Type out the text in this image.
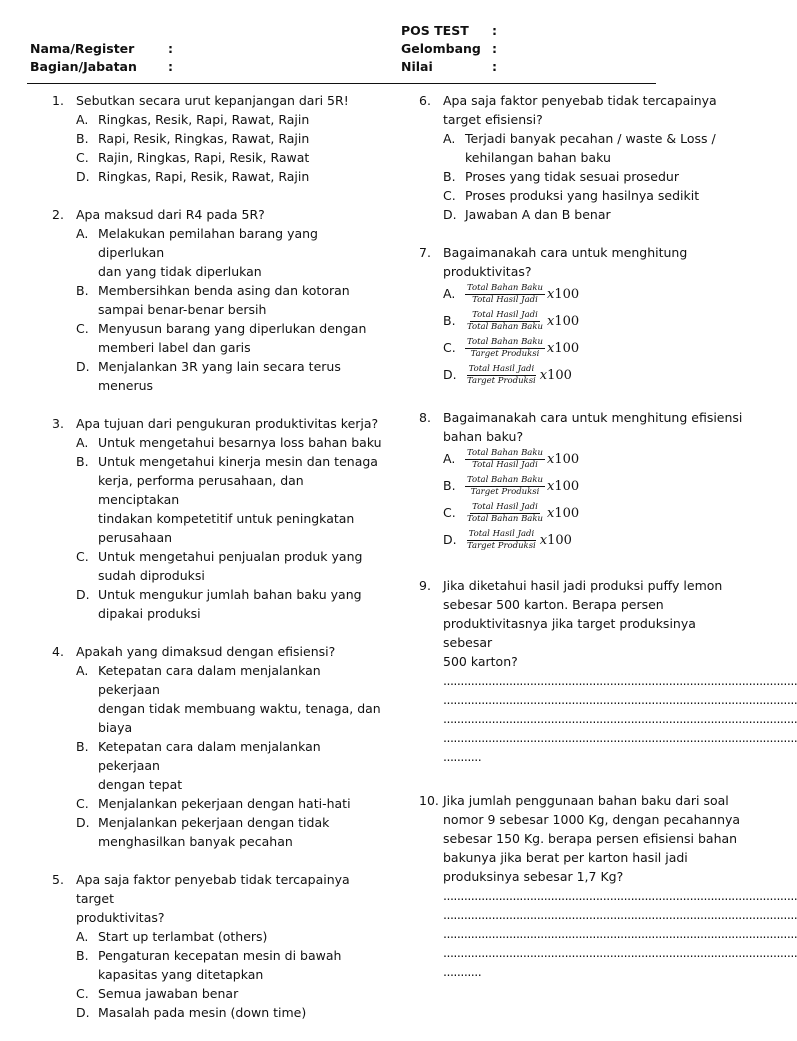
Nama/Register	:
Bagian/Jabatan :
POS TEST :
Gelombang :
Nilai	:
1. Sebutkan secara urut kepanjangan dari 5R!
A. Ringkas, Resik, Rapi, Rawat, Rajin
B. Rapi, Resik, Ringkas, Rawat, Rajin
C. Rajin, Ringkas, Rapi, Resik, Rawat
D. Ringkas, Rapi, Resik, Rawat, Rajin
2. Apa maksud dari R4 pada 5R?
A. Melakukan pemilahan barang yang diperlukan
dan yang tidak diperlukan
B. Membersihkan benda asing dan kotoran
sampai benar-benar bersih
C. Menyusun barang yang diperlukan dengan
memberi label dan garis
D. Menjalankan 3R yang lain secara terus
menerus
3. Apa tujuan dari pengukuran produktivitas kerja?
A. Untuk mengetahui besarnya loss bahan baku
B. Untuk mengetahui kinerja mesin dan tenaga
kerja, performa perusahaan, dan menciptakan
tindakan kompetetitif untuk peningkatan
perusahaan
C. Untuk mengetahui penjualan produk yang
sudah diproduksi
D. Untuk mengukur jumlah bahan baku yang
dipakai produksi
4. Apakah yang dimaksud dengan efisiensi?
A. Ketepatan cara dalam menjalankan pekerjaan
dengan tidak membuang waktu, tenaga, dan
biaya
B. Ketepatan cara dalam menjalankan pekerjaan
dengan tepat
C. Menjalankan pekerjaan dengan hati-hati
D. Menjalankan pekerjaan dengan tidak
menghasilkan banyak pecahan
5. Apa saja faktor penyebab tidak tercapainya target
produktivitas?
A. Start up terlambat (others)
B. Pengaturan kecepatan mesin di bawah
kapasitas yang ditetapkan
C. Semua jawaban benar
D. Masalah pada mesin (down time)
6. Apa saja faktor penyebab tidak tercapainya
target efisiensi?
A. Terjadi banyak pecahan / waste & Loss /
kehilangan bahan baku
B. Proses yang tidak sesuai prosedur
C. Proses produksi yang hasilnya sedikit
D. Jawaban A dan B benar
7. Bagaimanakah cara untuk menghitung
produktivitas?
A. $\frac{\text{Total Bahan Baku}}{\text{Total Hasil Jadi}}$ x 100
B. $\frac{\text{Total Hasil Jadi}}{\text{Total Bahan Baku}}$ x 100
C. $\frac{\text{Total Bahan Baku}}{\text{Target Produksi}}$ x 100
D. $\frac{\text{Total Hasil Jadi}}{\text{Target Produksi}}$ x 100
8. Bagaimanakah cara untuk menghitung efisiensi
bahan baku?
A. $\frac{\text{Total Bahan Baku}}{\text{Total Hasil Jadi}}$ x 100
B. $\frac{\text{Total Bahan Baku}}{\text{Target Produksi}}$ x 100
C. $\frac{\text{Total Hasil Jadi}}{\text{Total Bahan Baku}}$ x 100
D. $\frac{\text{Total Hasil Jadi}}{\text{Target Produksi}}$ x 100
9. Jika diketahui hasil jadi produksi puffy lemon
sebesar 500 karton. Berapa persen
produktivitasnya jika target produksinya sebesar
500 karton?
......................................................................................................
......................................................................................................
......................................................................................................
......................................................................................................
...........
10. Jika jumlah penggunaan bahan baku dari soal
nomor 9 sebesar 1000 Kg, dengan pecahannya
sebesar 150 Kg. berapa persen efisiensi bahan
bakunya jika berat per karton hasil jadi
produksinya sebesar 1,7 Kg?
......................................................................................................
......................................................................................................
......................................................................................................
......................................................................................................
...........
